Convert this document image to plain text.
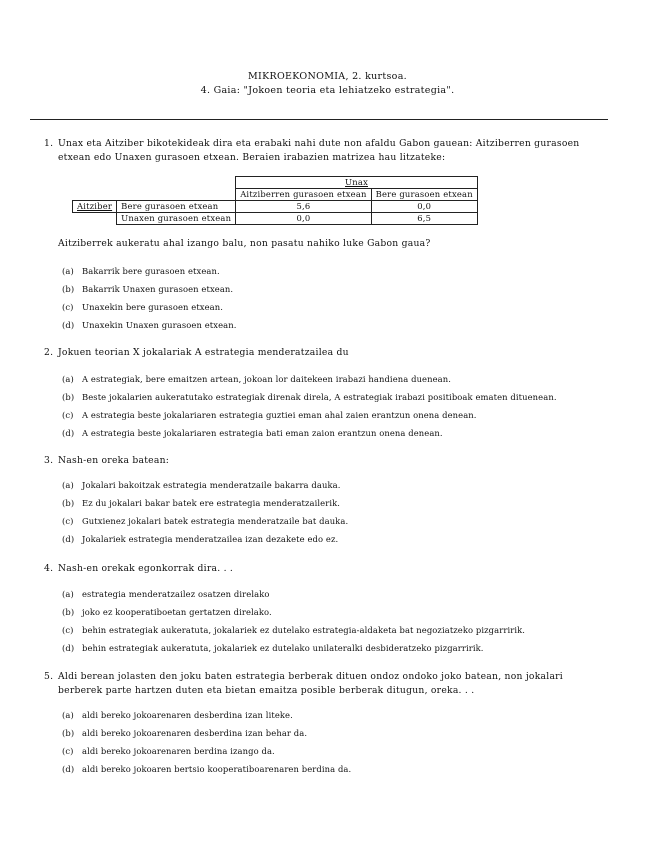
MIKROEKONOMIA, 2. kurtsoa.
4. Gaia: "Jokoen teoria eta lehiatzeko estrategia".
1. Unax eta Aitziber bikotekideak dira eta erabaki nahi dute non afaldu Gabon gauean: Aitziberren gurasoen etxean edo Unaxen gurasoen etxean. Beraien irabazien matrizea hau litzateke:
		Unax	
		Aitziberren gurasoen etxean	Bere gurasoen etxean
Aitziber	Bere gurasoen etxean	5,6	0,0
	Unaxen gurasoen etxean	0,0	6,5
Aitziberrek aukeratu ahal izango balu, non pasatu nahiko luke Gabon gaua?
(a) Bakarrik bere gurasoen etxean.
(b) Bakarrik Unaxen gurasoen etxean.
(c) Unaxekin bere gurasoen etxean.
(d) Unaxekin Unaxen gurasoen etxean.
2. Jokuen teorian X jokalariak A estrategia menderatzailea du
(a) A estrategiak, bere emaitzen artean, jokoan lor daitekeen irabazi handiena duenean.
(b) Beste jokalarien aukeratutako estrategiak direnak direla, A estrategiak irabazi positiboak ematen dituenean.
(c) A estrategia beste jokalariaren estrategia guztiei eman ahal zaien erantzun onena denean.
(d) A estrategia beste jokalariaren estrategia bati eman zaion erantzun onena denean.
3. Nash-en oreka batean:
(a) Jokalari bakoitzak estrategia menderatzaile bakarra dauka.
(b) Ez du jokalari bakar batek ere estrategia menderatzailerik.
(c) Gutxienez jokalari batek estrategia menderatzaile bat dauka.
(d) Jokalariek estrategia menderatzailea izan dezakete edo ez.
4. Nash-en orekak egonkorrak dira. . .
(a) estrategia menderatzailez osatzen direlako
(b) joko ez kooperatiboetan gertatzen direlako.
(c) behin estrategiak aukeratuta, jokalariek ez dutelako estrategia-aldaketa bat negoziatzeko pizgarririk.
(d) behin estrategiak aukeratuta, jokalariek ez dutelako unilateralki desbideratzeko pizgarririk.
5. Aldi berean jolasten den joku baten estrategia berberak dituen ondoz ondoko joko batean, non jokalari berberek parte hartzen duten eta bietan emaitza posible berberak ditugun, oreka. . .
(a) aldi bereko jokoarenaren desberdina izan liteke.
(b) aldi bereko jokoarenaren desberdina izan behar da.
(c) aldi bereko jokoarenaren berdina izango da.
(d) aldi bereko jokoaren bertsio kooperatiboarenaren berdina da.
